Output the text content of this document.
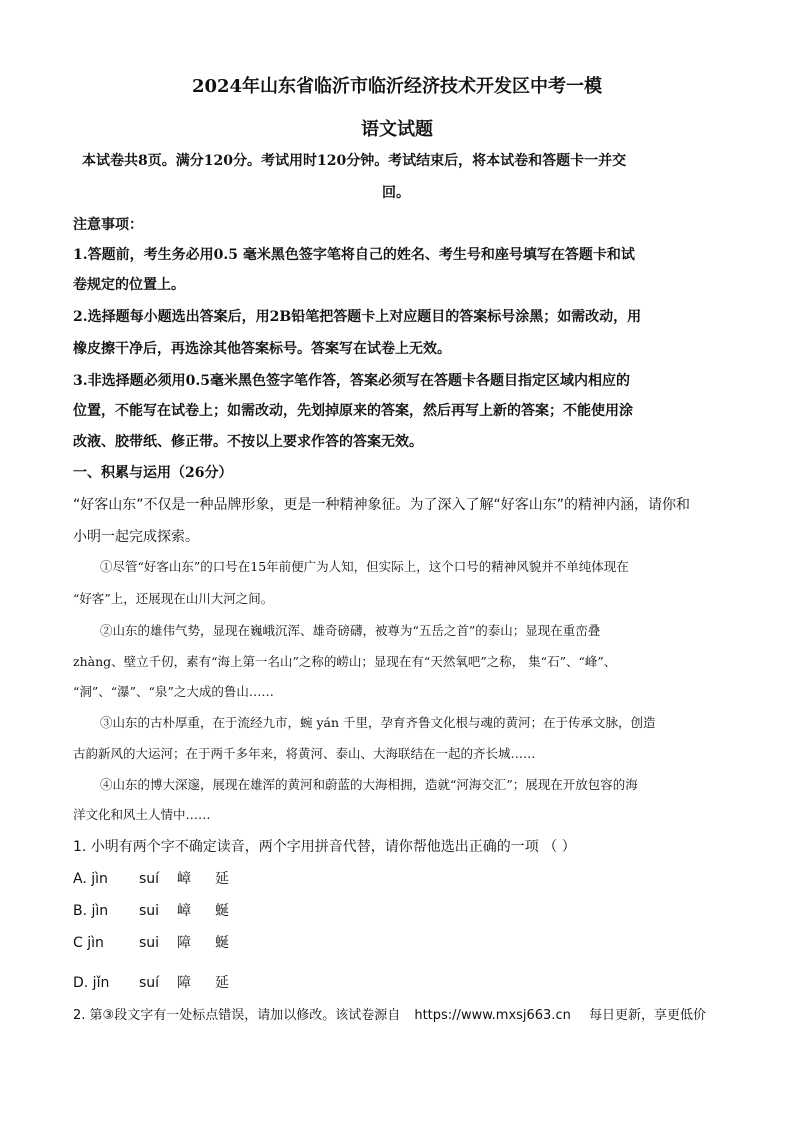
2024年山东省临沂市临沂经济技术开发区中考一模
语文试题
本试卷共8页。满分120分。考试用时120分钟。考试结束后，将本试卷和答题卡一并交
回。
注意事项：
1.答题前，考生务必用0.5 毫米黑色签字笔将自己的姓名、考生号和座号填写在答题卡和试
卷规定的位置上。
2.选择题每小题选出答案后，用2B铅笔把答题卡上对应题目的答案标号涂黑；如需改动，用
橡皮擦干净后，再选涂其他答案标号。答案写在试卷上无效。
3.非选择题必须用0.5毫米黑色签字笔作答，答案必须写在答题卡各题目指定区域内相应的
位置，不能写在试卷上；如需改动，先划掉原来的答案，然后再写上新的答案；不能使用涂
改液、胶带纸、修正带。不按以上要求作答的答案无效。
一、积累与运用（26分）
“好客山东”不仅是一种品牌形象，更是一种精神象征。为了深入了解“好客山东”的精神内涵，请你和
小明一起完成探索。
①尽管“好客山东”的口号在15年前便广为人知，但实际上，这个口号的精神风貌并不单纯体现在
“好客”上，还展现在山川大河之间。
②山东的雄伟气势，显现在巍峨沉浑、雄奇磅礴，被尊为“五岳之首”的泰山；显现在重峦叠
zhàng、壁立千仞，素有“海上第一名山”之称的崂山；显现在有“天然氧吧”之称， 集“石”、“峰”、
“洞”、“瀑”、“泉”之大成的鲁山……
③山东的古朴厚重，在于流经九市，蜿 yán 千里，孕育齐鲁文化根与魂的黄河；在于传承文脉，创造
古韵新风的大运河；在于两千多年来，将黄河、泰山、大海联结在一起的齐长城……
④山东的博大深邃，展现在雄浑的黄河和蔚蓝的大海相拥，造就“河海交汇”；展现在开放包容的海
洋文化和风土人情中……
1. 小明有两个字不确定读音，两个字用拼音代替，请你帮他选出正确的一项 （ ）
A. jìn suí 嶂 延
B. jìn sui 嶂 蜒
C jìn	sui 障 蜒
D. jǐn suí 障 延
2. 第③段文字有一处标点错误，请加以修改。该试卷源自 https://www.mxsj663.cn 每日更新，享更低价
